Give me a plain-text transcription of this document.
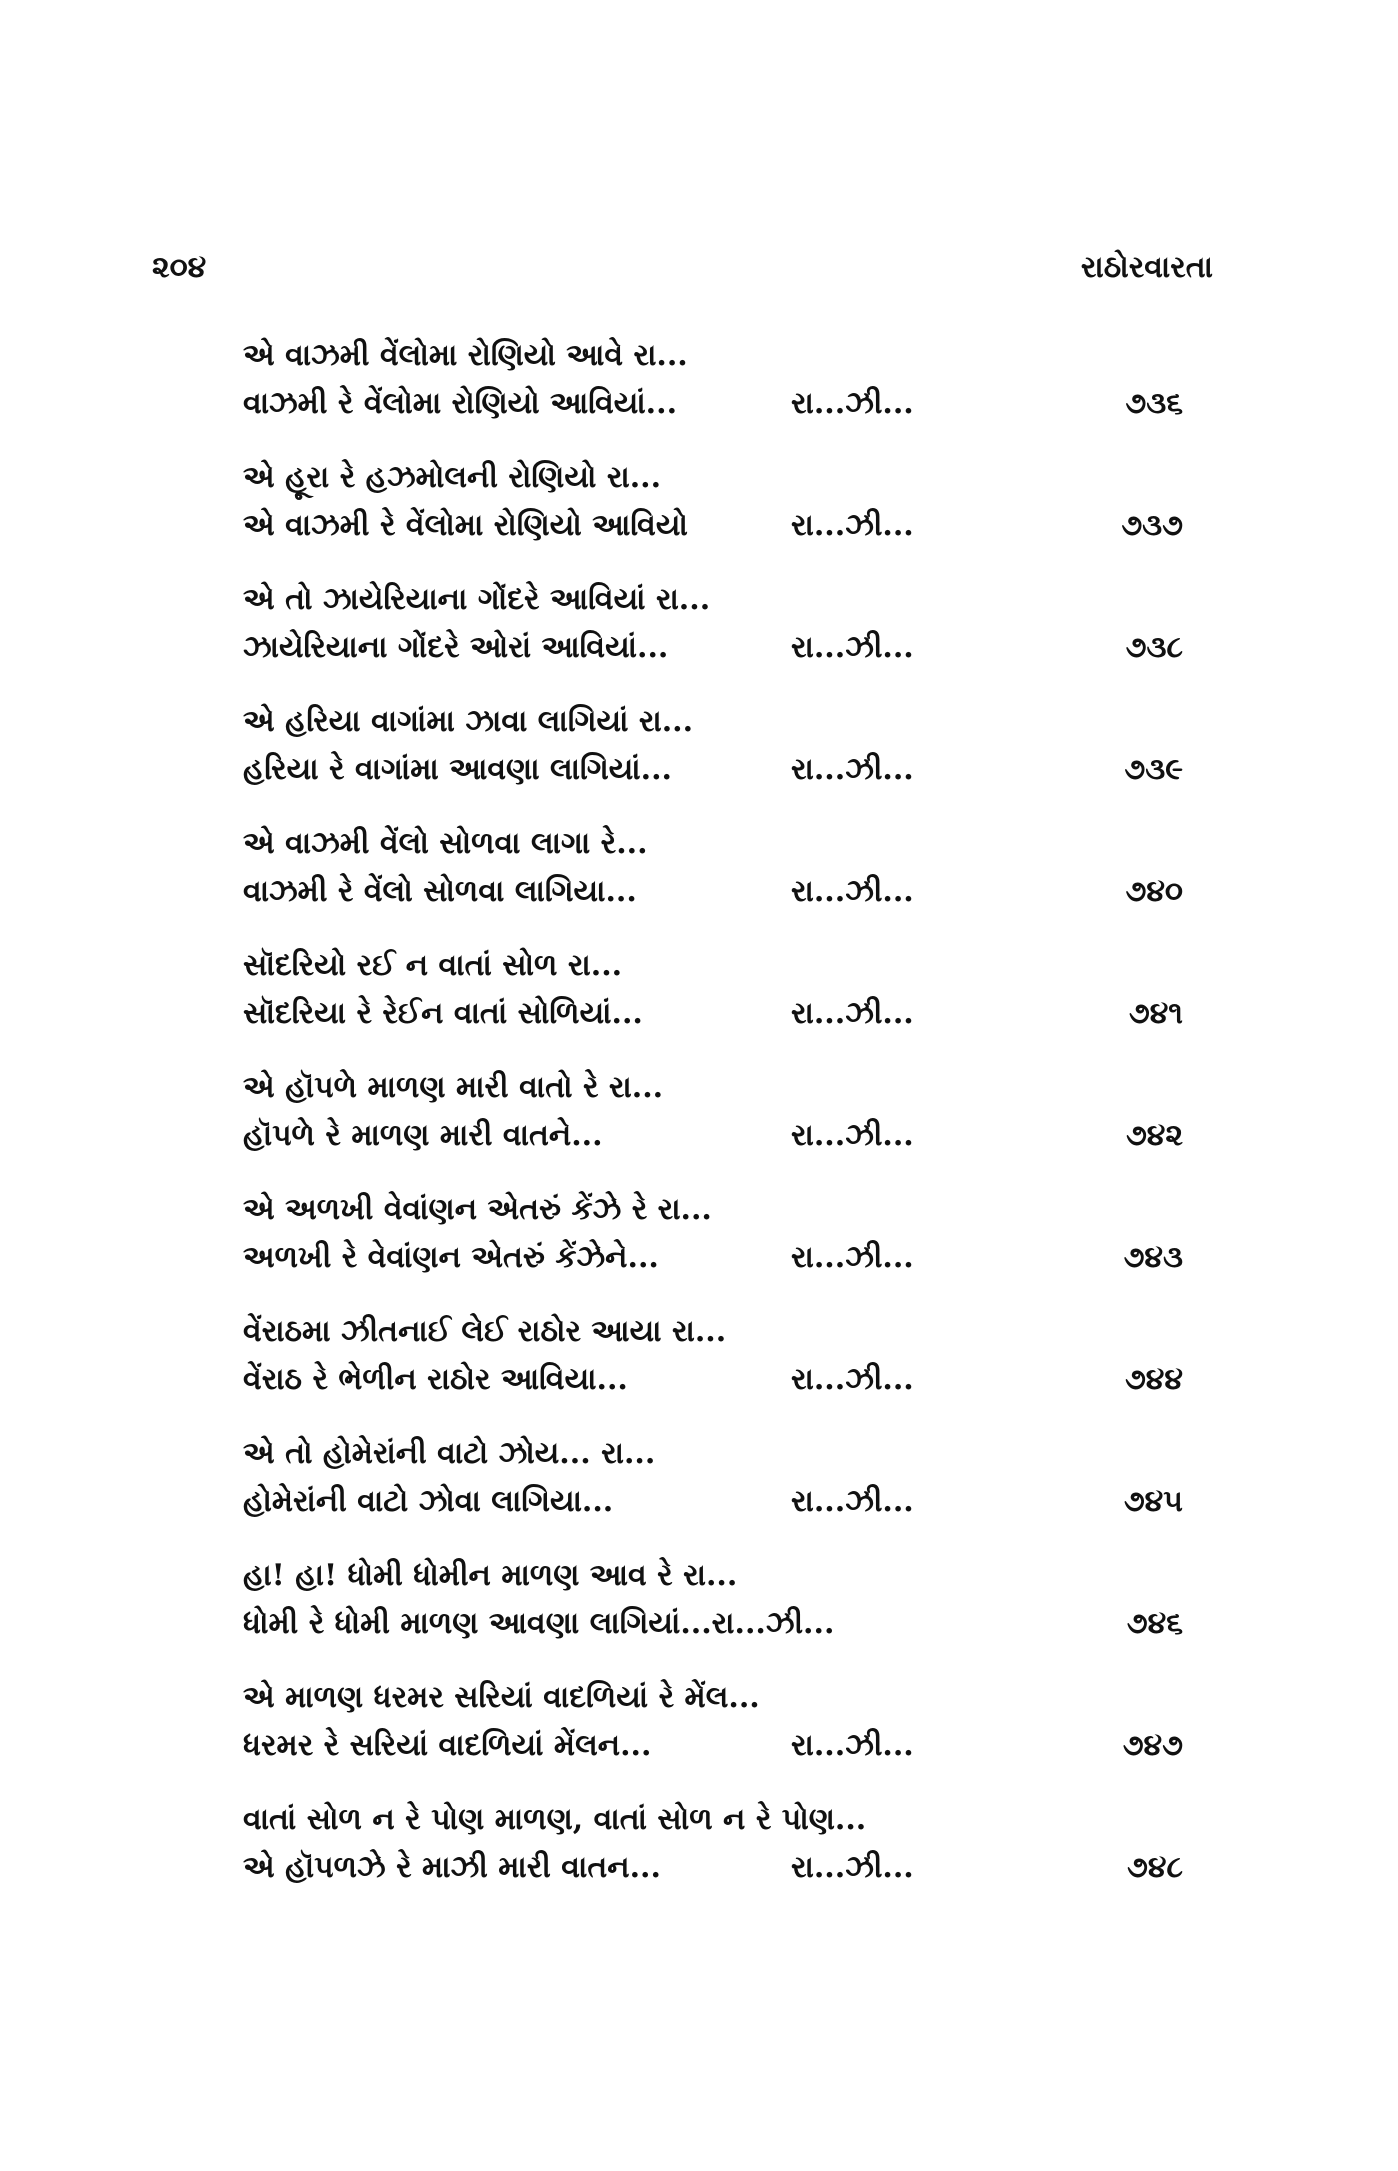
૨૦૪	રાઠોરવારતા
એ વાઝમી વેંલોમા રોણિયો આવે રા...
વાઝમી રે વેંલોમા રોણિયો આવિયાં...	રા...ઝી...	૭૩૬
એ હૂરા રે હઝમોલની રોણિયો રા...
એ વાઝમી રે વેંલોમા રોણિયો આવિયો	રા...ઝી...	૭૩૭
એ તો ઝાયેરિયાના ગોંદરે આવિયાં રા...
ઝાયેરિયાના ગોંદરે ઓરાં આવિયાં...	રા...ઝી...	૭૩૮
એ હરિયા વાગાંમા ઝાવા લાગિયાં રા...
હરિયા રે વાગાંમા આવણા લાગિયાં...	રા...ઝી...	૭૩૯
એ વાઝમી વેંલો સોળવા લાગા રે...
વાઝમી રે વેંલો સોળવા લાગિયા...	રા...ઝી...	૭૪૦
સૉદરિયો રઈ ન વાતાં સોળ રા...
સૉદરિયા રે રેઈન વાતાં સોળિયાં...	રા...ઝી...	૭૪૧
એ હૉપળે માળણ મારી વાતો રે રા...
હૉપળે રે માળણ મારી વાતને...	રા...ઝી...	૭૪૨
એ અળખી વેવાંણન એતરું કેંઝે રે રા...
અળખી રે વેવાંણન એતરું કેંઝેને...	રા...ઝી...	૭૪૩
વેંરાઠમા ઝીતનાઈ લેઈ રાઠોર આયા રા...
વેંરાઠ રે ભેળીન રાઠોર આવિયા...	રા...ઝી...	૭૪૪
એ તો હોમેરાંની વાટો ઝોય... રા...
હોમેરાંની વાટો ઝોવા લાગિયા...	રા...ઝી...	૭૪૫
હા! હા! ધોમી ધોમીન માળણ આવ રે રા...
ધોમી રે ધોમી માળણ આવણા લાગિયાં...રા...ઝી...	૭૪૬
એ માળણ ધરમર સરિયાં વાદળિયાં રે મેંલ...
ધરમર રે સરિયાં વાદળિયાં મેંલન...	રા...ઝી...	૭૪૭
વાતાં સોળ ન રે પોણ માળણ, વાતાં સોળ ન રે પોણ...
એ હૉપળઝે રે માઝી મારી વાતન...	રા...ઝી...	૭૪૮
